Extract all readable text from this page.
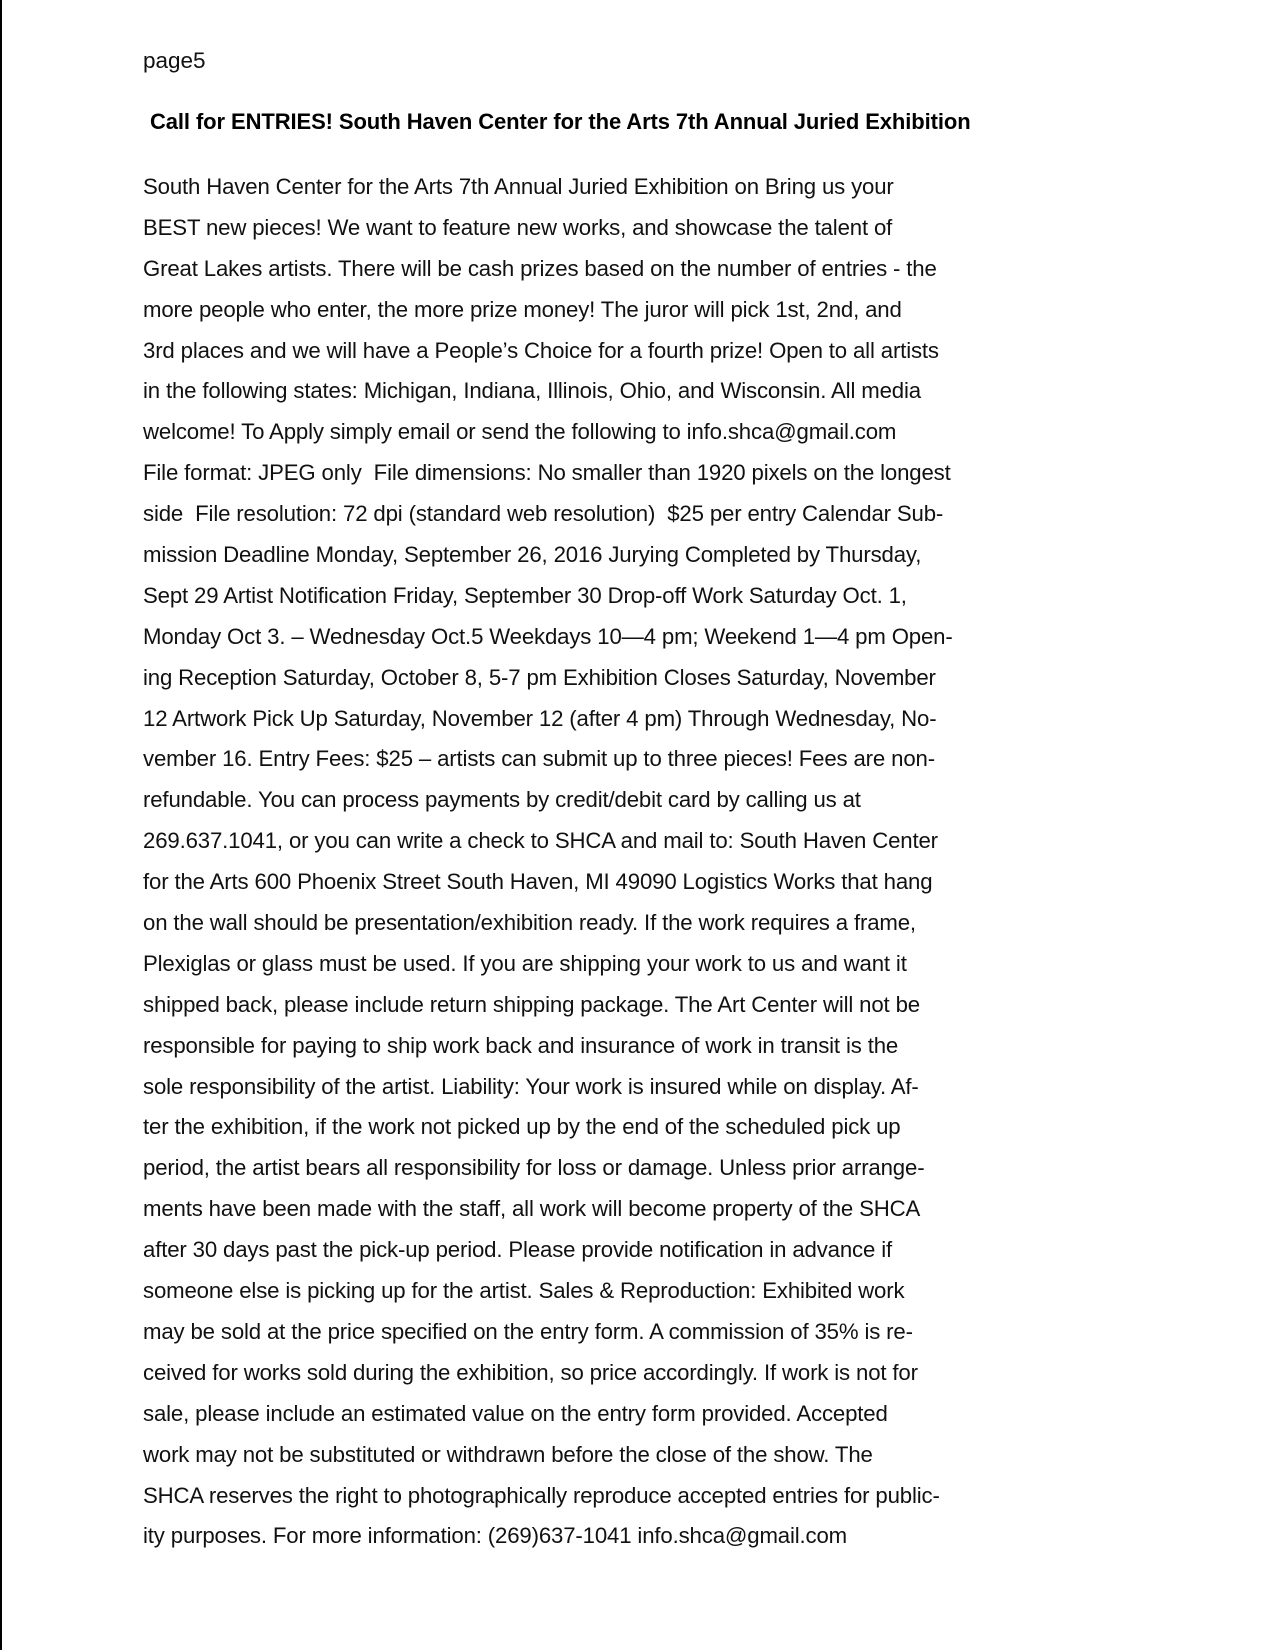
page5
Call for ENTRIES! South Haven Center for the Arts 7th Annual Juried Exhibition
South Haven Center for the Arts 7th Annual Juried Exhibition on Bring us your
BEST new pieces! We want to feature new works, and showcase the talent of
Great Lakes artists. There will be cash prizes based on the number of entries - the
more people who enter, the more prize money! The juror will pick 1st, 2nd, and
3rd places and we will have a People’s Choice for a fourth prize! Open to all artists
in the following states: Michigan, Indiana, Illinois, Ohio, and Wisconsin. All media
welcome! To Apply simply email or send the following to info.shca@gmail.com
File format: JPEG only  File dimensions: No smaller than 1920 pixels on the longest
side  File resolution: 72 dpi (standard web resolution)  $25 per entry Calendar Sub-
mission Deadline Monday, September 26, 2016 Jurying Completed by Thursday,
Sept 29 Artist Notification Friday, September 30 Drop-off Work Saturday Oct. 1,
Monday Oct 3. – Wednesday Oct.5 Weekdays 10—4 pm; Weekend 1—4 pm Open-
ing Reception Saturday, October 8, 5-7 pm Exhibition Closes Saturday, November
12 Artwork Pick Up Saturday, November 12 (after 4 pm) Through Wednesday, No-
vember 16. Entry Fees: $25 – artists can submit up to three pieces! Fees are non-
refundable. You can process payments by credit/debit card by calling us at
269.637.1041, or you can write a check to SHCA and mail to: South Haven Center
for the Arts 600 Phoenix Street South Haven, MI 49090 Logistics Works that hang
on the wall should be presentation/exhibition ready. If the work requires a frame,
Plexiglas or glass must be used. If you are shipping your work to us and want it
shipped back, please include return shipping package. The Art Center will not be
responsible for paying to ship work back and insurance of work in transit is the
sole responsibility of the artist. Liability: Your work is insured while on display. Af-
ter the exhibition, if the work not picked up by the end of the scheduled pick up
period, the artist bears all responsibility for loss or damage. Unless prior arrange-
ments have been made with the staff, all work will become property of the SHCA
after 30 days past the pick-up period. Please provide notification in advance if
someone else is picking up for the artist. Sales & Reproduction: Exhibited work
may be sold at the price specified on the entry form. A commission of 35% is re-
ceived for works sold during the exhibition, so price accordingly. If work is not for
sale, please include an estimated value on the entry form provided. Accepted
work may not be substituted or withdrawn before the close of the show. The
SHCA reserves the right to photographically reproduce accepted entries for public-
ity purposes. For more information: (269)637-1041 info.shca@gmail.com
